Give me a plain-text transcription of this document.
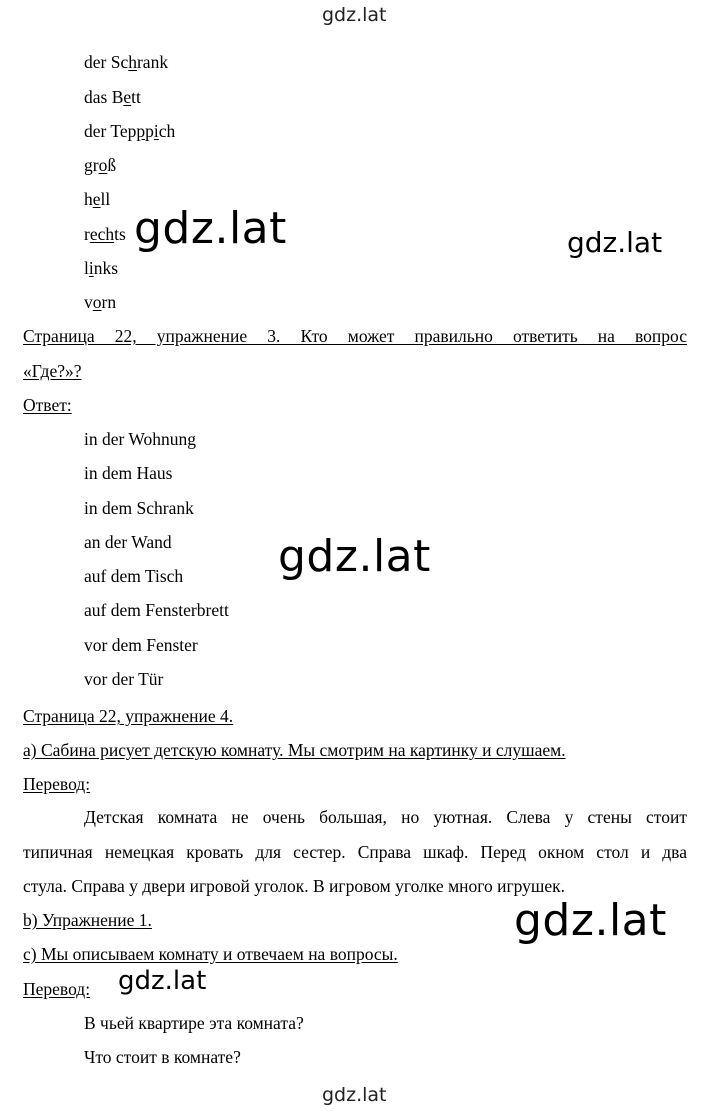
gdz.lat
der Schrank
das Bett
der Tepppich
groß
hell
rechts
links
vorn
gdz.lat	gdz.lat
Страница 22, упражнение 3. Кто может правильно ответить на вопрос
«Где?»?
Ответ:
in der Wohnung
in dem Haus
in dem Schrank
an der Wand
auf dem Tisch
auf dem Fensterbrett
vor dem Fenster
vor der Tür
gdz.lat
Страница 22, упражнение 4.
а) Сабина рисует детскую комнату. Мы смотрим на картинку и слушаем.
Перевод:
Детская комната не очень большая, но уютная. Слева у стены стоит
типичная немецкая кровать для сестер. Справа шкаф. Перед окном стол и два
стула. Справа у двери игровой уголок. В игровом уголке много игрушек.
b) Упражнение 1.
c) Мы описываем комнату и отвечаем на вопросы.
Перевод:
gdz.lat
gdz.lat
В чьей квартире эта комната?
Что стоит в комнате?
gdz.lat
